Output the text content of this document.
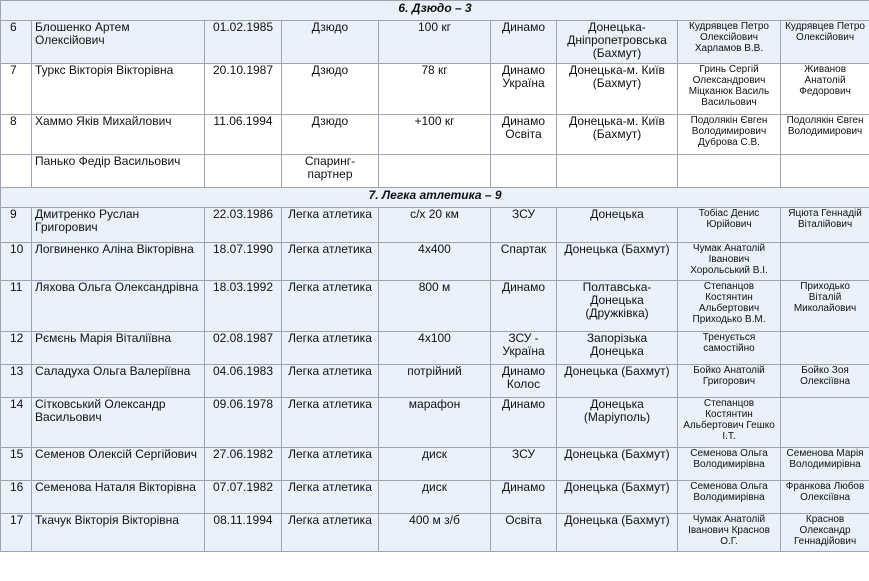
6. Дзюдо – 3								
6	Блошенко Артем Олексійович	01.02.1985	Дзюдо	100 кг	Динамо	Донецька-Дніпропетровська (Бахмут)	Кудрявцев Петро Олексійович Харламов В.В.	Кудрявцев Петро Олексійович
7	Туркс Вікторія Вікторівна	20.10.1987	Дзюдо	78 кг	Динамо Україна	Донецька-м. Київ (Бахмут)	Гринь Сергій Олександрович Міцканюк Василь Васильович	Живанов Анатолій Федорович
8	Хаммо Яків Михайлович	11.06.1994	Дзюдо	+100 кг	Динамо Освіта	Донецька-м. Київ (Бахмут)	Подолякін Євген Володимирович Дуброва С.В.	Подолякін Євген Володимирович
	Панько Федір Васильович		Спаринг-партнер					
7. Легка атлетика – 9								
9	Дмитренко Руслан Григорович	22.03.1986	Легка атлетика	с/х 20 км	ЗСУ	Донецька	Тобіас Денис Юрійович	Яцюта Геннадій Віталійович
10	Логвиненко Аліна Вікторівна	18.07.1990	Легка атлетика	4х400	Спартак	Донецька (Бахмут)	Чумак Анатолій Іванович Хорольський В.І.	
11	Ляхова Ольга Олександрівна	18.03.1992	Легка атлетика	800 м	Динамо	Полтавська-Донецька (Дружківка)	Степанцов Костянтин Альбертович Приходько В.М.	Приходько Віталій Миколайович
12	Рємєнь Марія Віталіївна	02.08.1987	Легка атлетика	4х100	ЗСУ - Україна	Запорізька Донецька	Тренується самостійно	
13	Саладуха Ольга Валеріївна	04.06.1983	Легка атлетика	потрійний	Динамо Колос	Донецька (Бахмут)	Бойко Анатолій Григорович	Бойко Зоя Олексіївна
14	Сітковський Олександр Васильович	09.06.1978	Легка атлетика	марафон	Динамо	Донецька (Маріуполь)	Степанцов Костянтин Альбертович Гешко І.Т.	
15	Семенов Олексій Сергійович	27.06.1982	Легка атлетика	диск	ЗСУ	Донецька (Бахмут)	Семенова Ольга Володимирівна	Семенова Марія Володимирівна
16	Семенова Наталя Вікторівна	07.07.1982	Легка атлетика	диск	Динамо	Донецька (Бахмут)	Семенова Ольга Володимирівна	Франкова Любов Олексіївна
17	Ткачук Вікторія Вікторівна	08.11.1994	Легка атлетика	400 м з/б	Освіта	Донецька (Бахмут)	Чумак Анатолій Іванович Краснов О.Г.	Краснов Олександр Геннадійович
